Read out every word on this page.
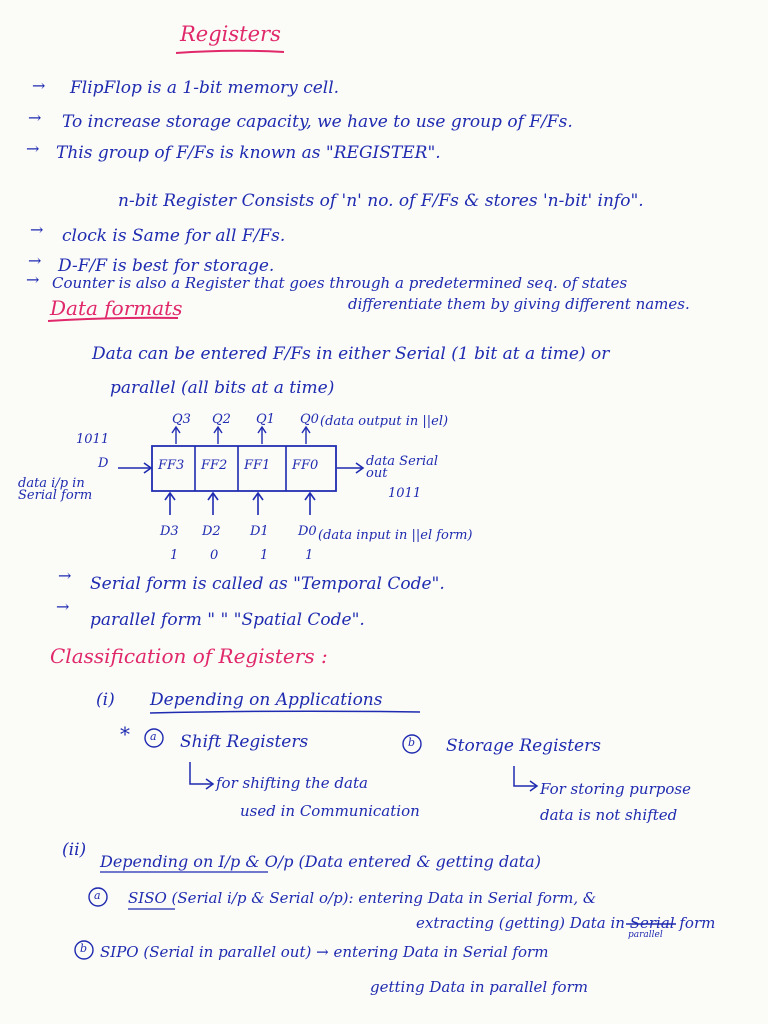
Registers
→ FlipFlop is a 1-bit memory cell.
→ To increase storage capacity, we have to use group of F/Fs.
→ This group of F/Fs is known as "REGISTER".
n-bit Register Consists of 'n' no. of F/Fs & stores 'n-bit' info".
→ clock is Same for all F/Fs.
→ D-F/F is best for storage.
→ Counter is also a Register that goes through a predetermined seq. of states
differentiate them by giving different names.
Data formats
Data can be entered F/Fs in either Serial (1 bit at a time) or
parallel (all bits at a time)
1011
D
data i/p in Serial form
FF3 FF2 FF1 FF0
Q3 Q2 Q1 Q0 (data output in ||el)
data Serial out
1011
D3 D2 D1 D0 (data input in ||el form)
1 0	1	1
→ Serial form is called as "Temporal Code".
→
parallel form " " "Spatial Code".
Classification of Registers :
(i) Depending on Applications
* a Shift Registers	b Storage Registers
for shifting the data
used in Communication
For storing purpose
data is not shifted
(ii)
Depending on I/p & O/p (Data entered & getting data)
a SISO (Serial i/p & Serial o/p): entering Data in Serial form, &
extracting (getting) Data in Serial form
parallel
b SIPO (Serial in parallel out) → entering Data in Serial form
getting Data in parallel form
